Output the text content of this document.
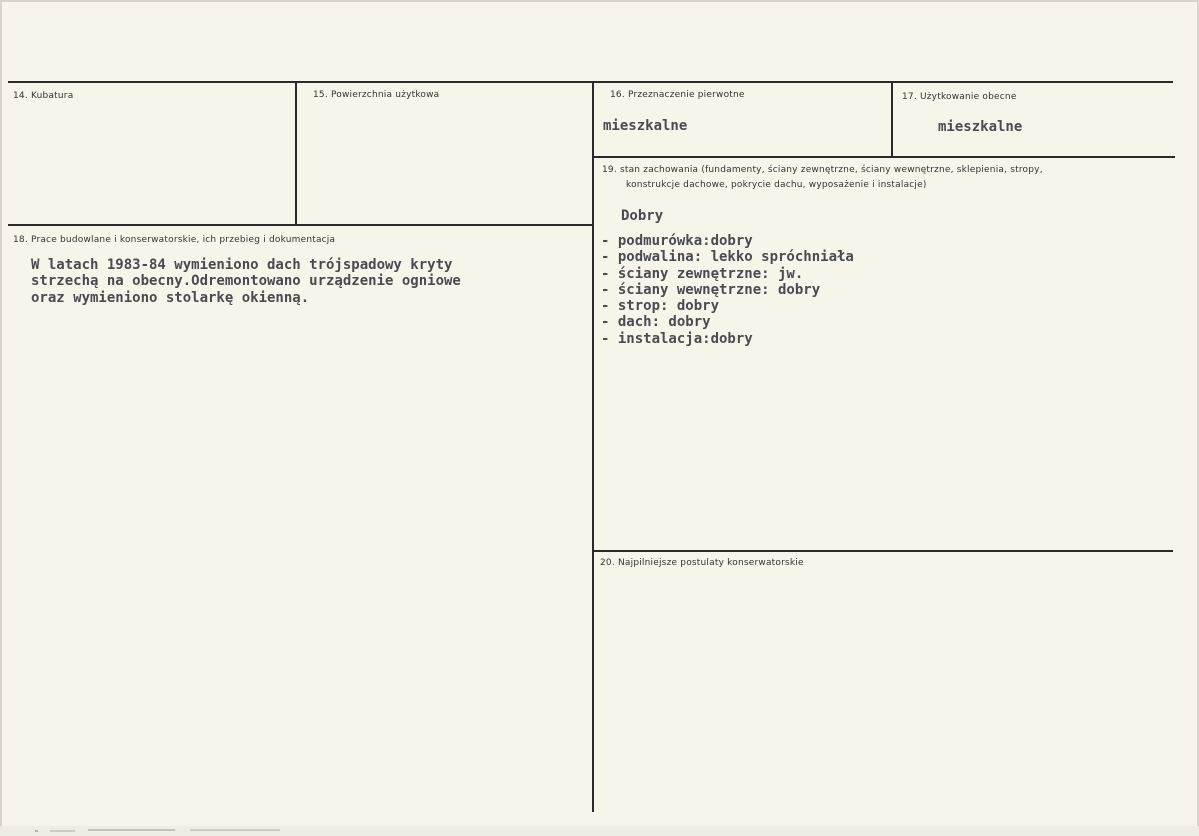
14. Kubatura	15. Powierzchnia użytkowa	16. Przeznaczenie pierwotne
mieszkalne
17. Użytkowanie obecne
mieszkalne
18. Prace budowlane i konserwatorskie, ich przebieg i dokumentacja
W latach 1983-84 wymieniono dach trójspadowy kryty
strzechą na obecny.Odremontowano urządzenie ogniowe
oraz wymieniono stolarkę okienną.
19. stan zachowania (fundamenty, ściany zewnętrzne, ściany wewnętrzne, sklepienia, stropy,
konstrukcje dachowe, pokrycie dachu, wyposażenie i instalacje)
Dobry
- podmurówka:dobry
- podwalina: lekko spróchniała
- ściany zewnętrzne: jw.
- ściany wewnętrzne: dobry
- strop: dobry
- dach: dobry
- instalacja:dobry
20. Najpilniejsze postulaty konserwatorskie
